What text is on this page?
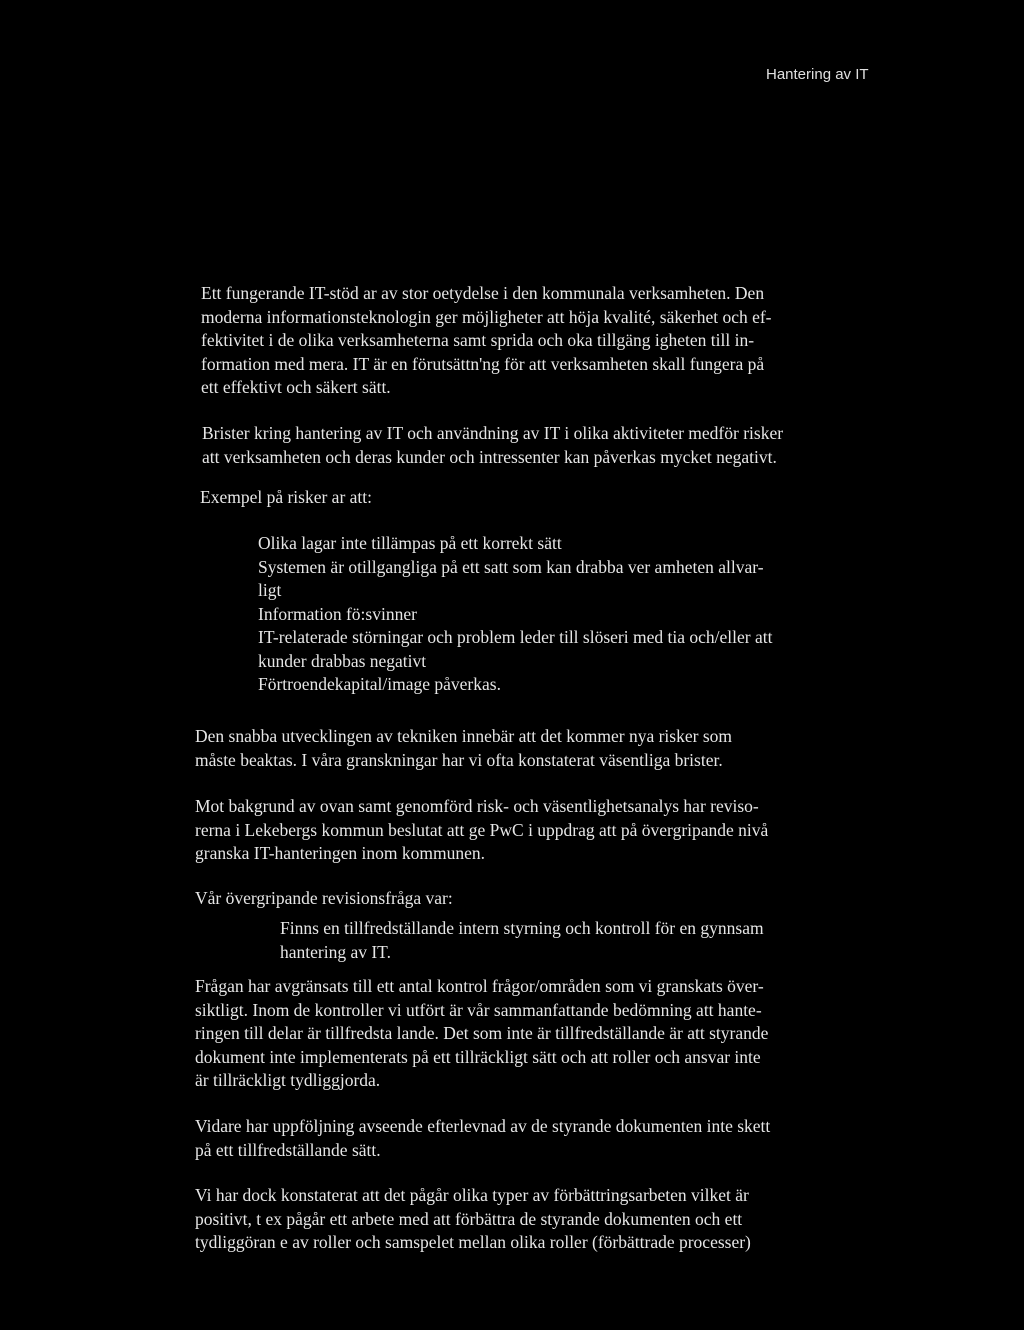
Hantering av IT
Ett fungerande IT-stöd ar av stor oetydelse i den kommunala verksamheten. Den
moderna informationsteknologin ger möjligheter att höja kvalité, säkerhet och ef-
fektivitet i de olika verksamheterna samt sprida och oka tillgäng igheten till in-
formation med mera. IT är en förutsättn'ng för att verksamheten skall fungera på
ett effektivt och säkert sätt.
Brister kring hantering av IT och användning av IT i olika aktiviteter medför risker
att verksamheten och deras kunder och intressenter kan påverkas mycket negativt.
Exempel på risker ar att:
Olika lagar inte tillämpas på ett korrekt sätt
Systemen är otillgangliga på ett satt som kan drabba ver amheten allvar-
ligt
Information fö:svinner
IT-relaterade störningar och problem leder till slöseri med tia och/eller att
kunder drabbas negativt
Förtroendekapital/image påverkas.
Den snabba utvecklingen av tekniken innebär att det kommer nya risker som
måste beaktas. I våra granskningar har vi ofta konstaterat väsentliga brister.
Mot bakgrund av ovan samt genomförd risk- och väsentlighetsanalys har reviso-
rerna i Lekebergs kommun beslutat att ge PwC i uppdrag att på övergripande nivå
granska IT-hanteringen inom kommunen.
Vår övergripande revisionsfråga var:
Finns en tillfredställande intern styrning och kontroll för en gynnsam
hantering av IT.
Frågan har avgränsats till ett antal kontrol frågor/områden som vi granskats över-
siktligt. Inom de kontroller vi utfört är vår sammanfattande bedömning att hante-
ringen till delar är tillfredsta lande. Det som inte är tillfredställande är att styrande
dokument inte implementerats på ett tillräckligt sätt och att roller och ansvar inte
är tillräckligt tydliggjorda.
Vidare har uppföljning avseende efterlevnad av de styrande dokumenten inte skett
på ett tillfredställande sätt.
Vi har dock konstaterat att det pågår olika typer av förbättringsarbeten vilket är
positivt, t ex pågår ett arbete med att förbättra de styrande dokumenten och ett
tydliggöran e av roller och samspelet mellan olika roller (förbättrade processer)
